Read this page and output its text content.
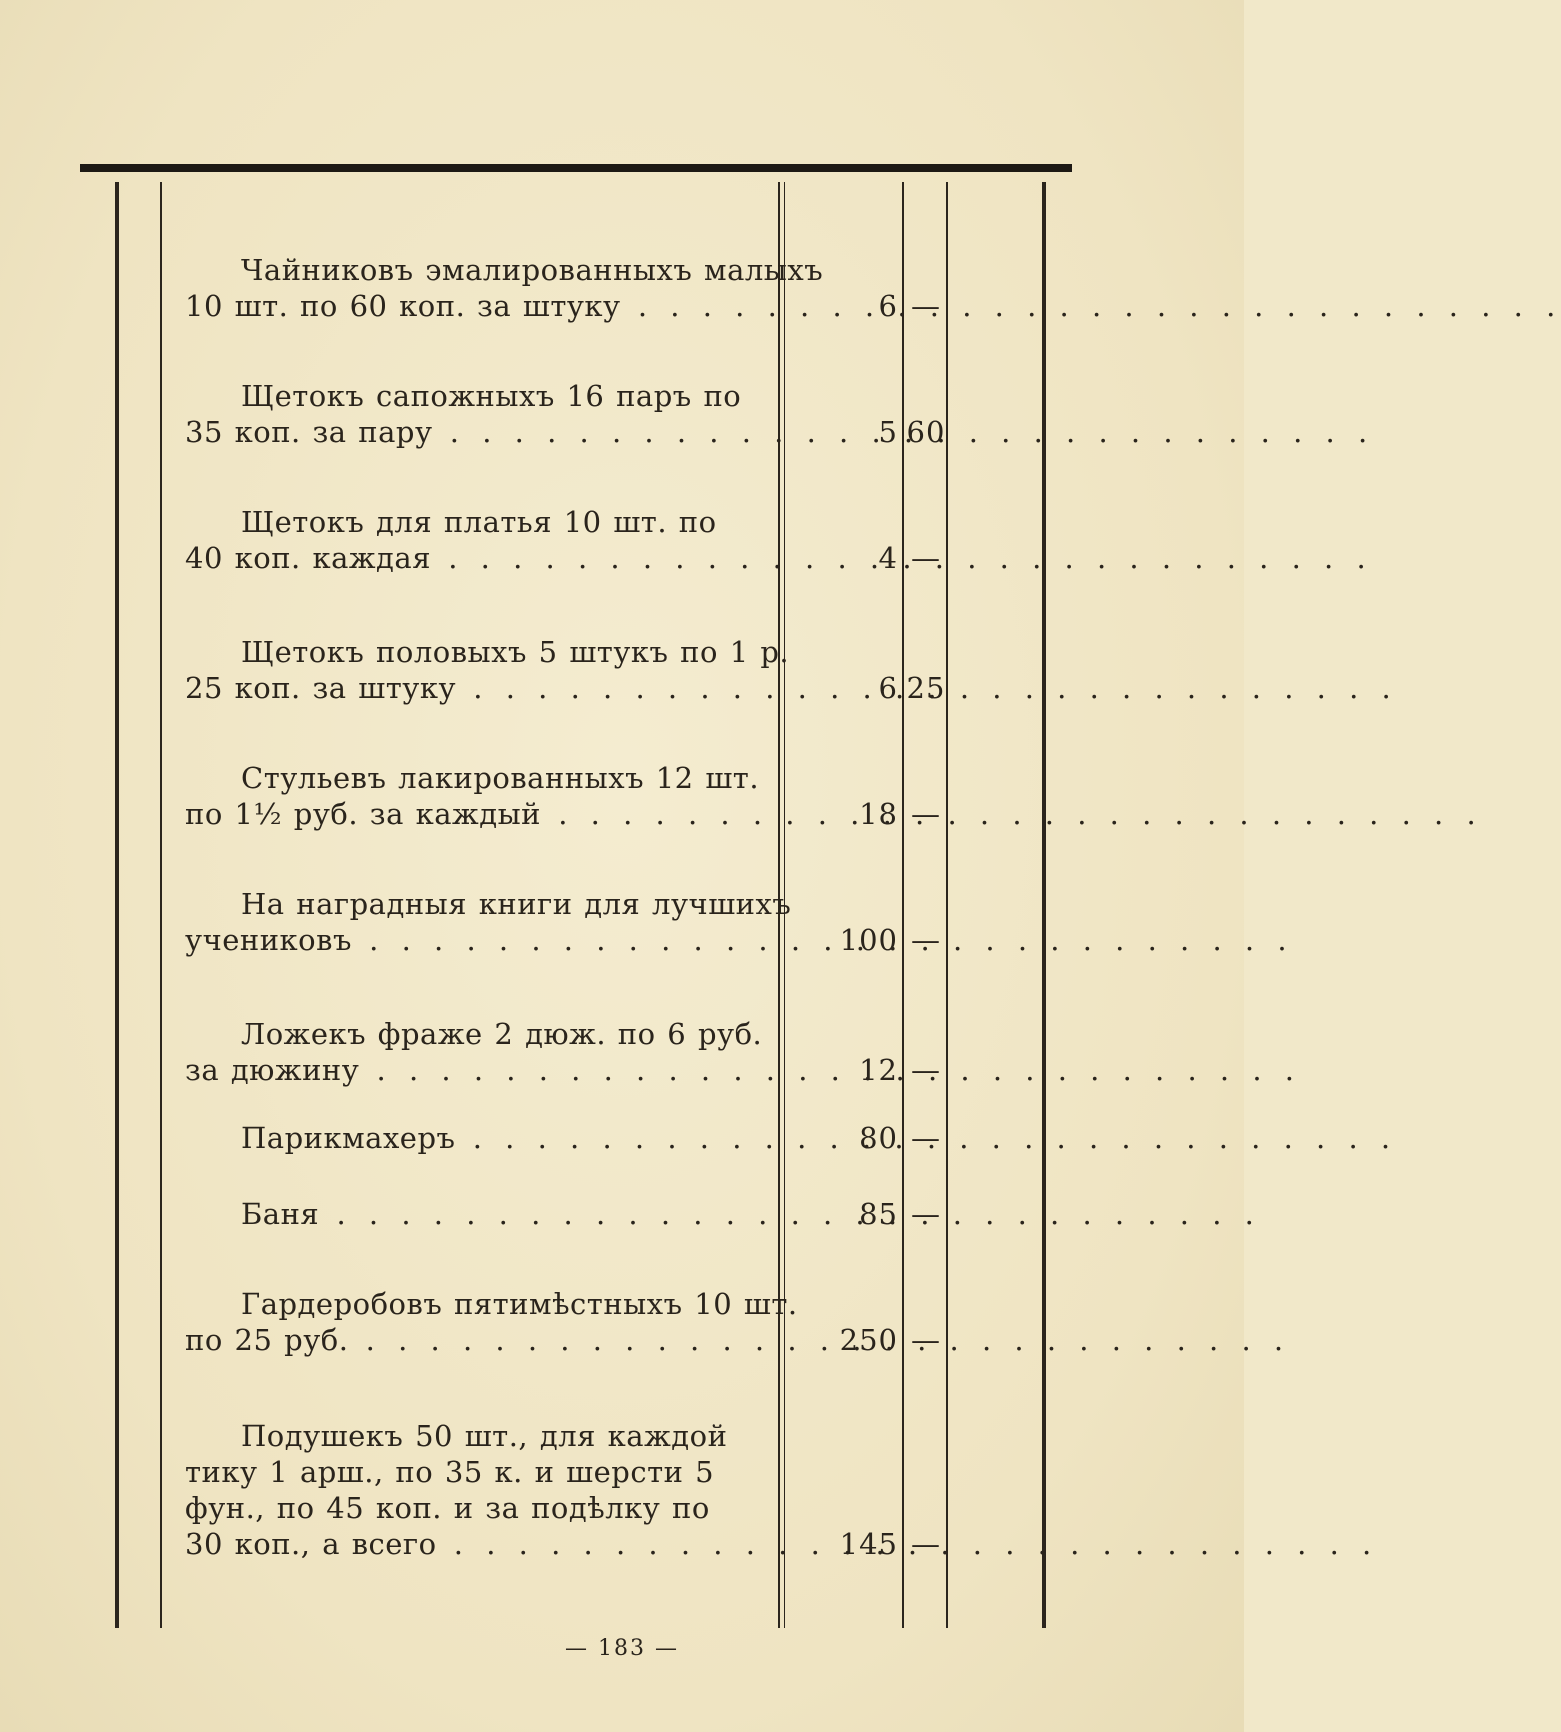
Чайниковъ эмалированныхъ малыхъ
10 шт. по 60 коп. за штуку . . .	6 —
Щетокъ сапожныхъ 16 паръ по
35 коп. за пару . . .	5 60
Щетокъ для платья 10 шт. по
40 коп. каждая . . .	4 —
Щетокъ половыхъ 5 штукъ по 1 р.
25 коп. за штуку . . .	6 25
Стульевъ лакированныхъ 12 шт.
по 1½ руб. за каждый . . .	18 —
На наградныя книги для лучшихъ
учениковъ . . .	100 —
Ложекъ фраже 2 дюж. по 6 руб.
за дюжину . . .	12 —
Парикмахеръ . . .	80 —
Баня . . .	85 —
Гардеробовъ пятимѣстныхъ 10 шт.
по 25 руб. . . .	250 —
Подушекъ 50 шт., для каждой
тику 1 арш., по 35 к. и шерсти 5
фун., по 45 коп. и за подѣлку по
30 коп., а всего . . .	145 —
— 183 —
